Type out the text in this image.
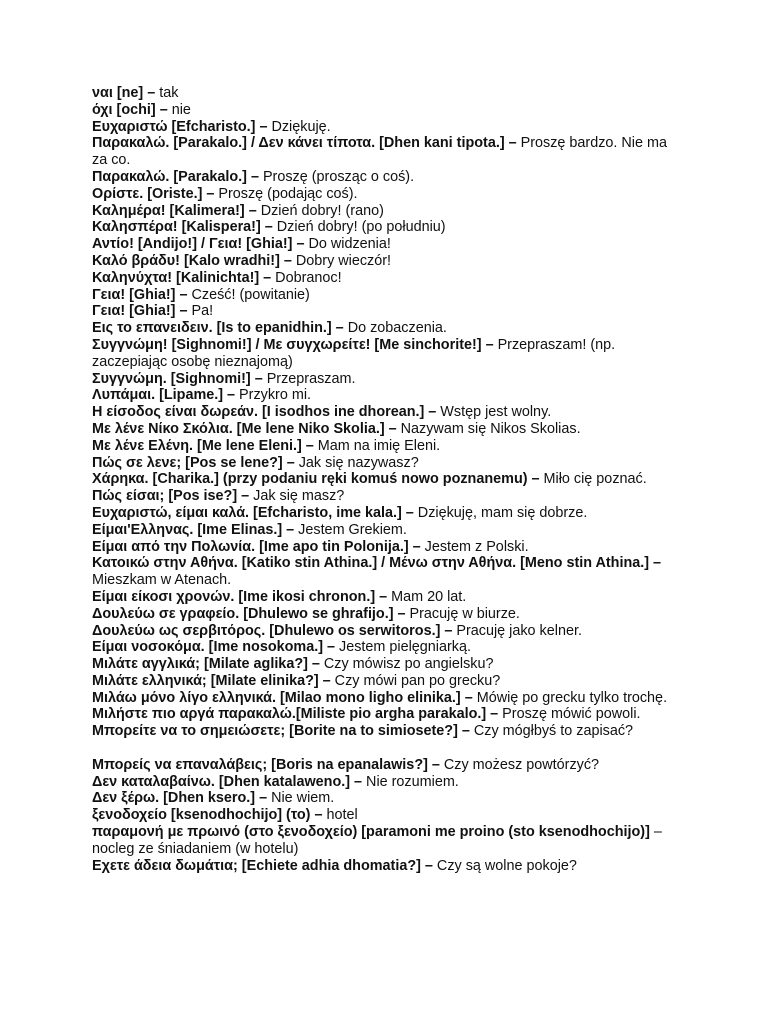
ναι [ne] – tak

όχι [ochi] – nie

Ευχαριστώ [Efcharisto.] – Dziękuję.

Παρακαλώ. [Parakalo.] / Δεν κάνει τίποτα. [Dhen kani tipota.] – Proszę bardzo. Nie ma za co.

Παρακαλώ. [Parakalo.] – Proszę (prosząc o coś).

Ορίστε. [Oriste.] – Proszę (podając coś).

Καλημέρα! [Kalimera!] – Dzień dobry! (rano)

Καλησπέρα! [Kalispera!] – Dzień dobry! (po południu)

Αντίο! [Andijo!] / Γεια! [Ghia!] – Do widzenia!

Καλό βράδυ! [Kalo wradhi!] – Dobry wieczór!

Καληνύχτα! [Kalinichta!] – Dobranoc!

Γεια! [Ghia!] – Cześć! (powitanie)

Γεια! [Ghia!] – Pa!

Εις το επανειδειν. [Is to epanidhin.] – Do zobaczenia.

Συγγνώμη! [Sighnomi!] / Με συγχωρείτε! [Me sinchorite!] – Przepraszam! (np. zaczepiając osobę nieznajomą)

Συγγνώμη. [Sighnomi!] – Przepraszam.

Λυπάμαι. [Lipame.] – Przykro mi.

Η είσοδος είναι δωρεάν. [I isodhos ine dhorean.] – Wstęp jest wolny.

Με λένε Νίκο Σκόλια. [Me lene Niko Skolia.] – Nazywam się Nikos Skolias.

Με λένε Ελένη. [Me lene Eleni.] – Mam na imię Eleni.

Πώς σε λενε; [Pos se lene?] – Jak się nazywasz?

Χάρηκα. [Charika.] (przy podaniu ręki komuś nowo poznanemu) – Miło cię poznać.

Πώς είσαι; [Pos ise?] – Jak się masz?

Ευχαριστώ, είμαι καλά. [Efcharisto, ime kala.] – Dziękuję, mam się dobrze.

Είμαι'Ελληνας. [Ime Elinas.] – Jestem Grekiem.

Είμαι από την Πολωνία. [Ime apo tin Polonija.] – Jestem z Polski.

Κατοικώ στην Αθήνα. [Katiko stin Athina.] / Μένω στην Αθήνα. [Meno stin Athina.] – Mieszkam w Atenach.

Είμαι είκοσι χρονών. [Ime ikosi chronon.] – Mam 20 lat.

Δουλεύω σε γραφείο. [Dhulewo se ghrafijo.] – Pracuję w biurze.

Δουλεύω ως σερβιτόρος. [Dhulewo os serwitoros.] – Pracuję jako kelner.

Είμαι νοσοκόμα. [Ime nosokoma.] – Jestem pielęgniarką.

Μιλάτε αγγλικά; [Milate aglika?] – Czy mówisz po angielsku?

Μιλάτε ελληνικά; [Milate elinika?] – Czy mówi pan po grecku?

Μιλάω μόνο λίγο ελληνικά. [Milao mono ligho elinika.] – Mówię po grecku tylko trochę.

Μιλήστε πιο αργά παρακαλώ.[Miliste pio argha parakalo.] – Proszę mówić powoli.

Μπορείτε να το σημειώσετε; [Borite na to simiosete?] – Czy mógłbyś to zapisać?

Μπορείς να επαναλάβεις; [Boris na epanalawis?] – Czy możesz powtórzyć?

Δεν καταλαβαίνω. [Dhen katalaweno.] – Nie rozumiem.

Δεν ξέρω. [Dhen ksero.] – Nie wiem.

ξενοδοχείο [ksenodhochijo] (το) – hotel

παραμονή με πρωινό (στο ξενοδοχείο) [paramoni me proino (sto ksenodhochijo)] – nocleg ze śniadaniem (w hotelu)

Εχετε άδεια δωμάτια; [Echiete adhia dhomatia?] – Czy są wolne pokoje?
